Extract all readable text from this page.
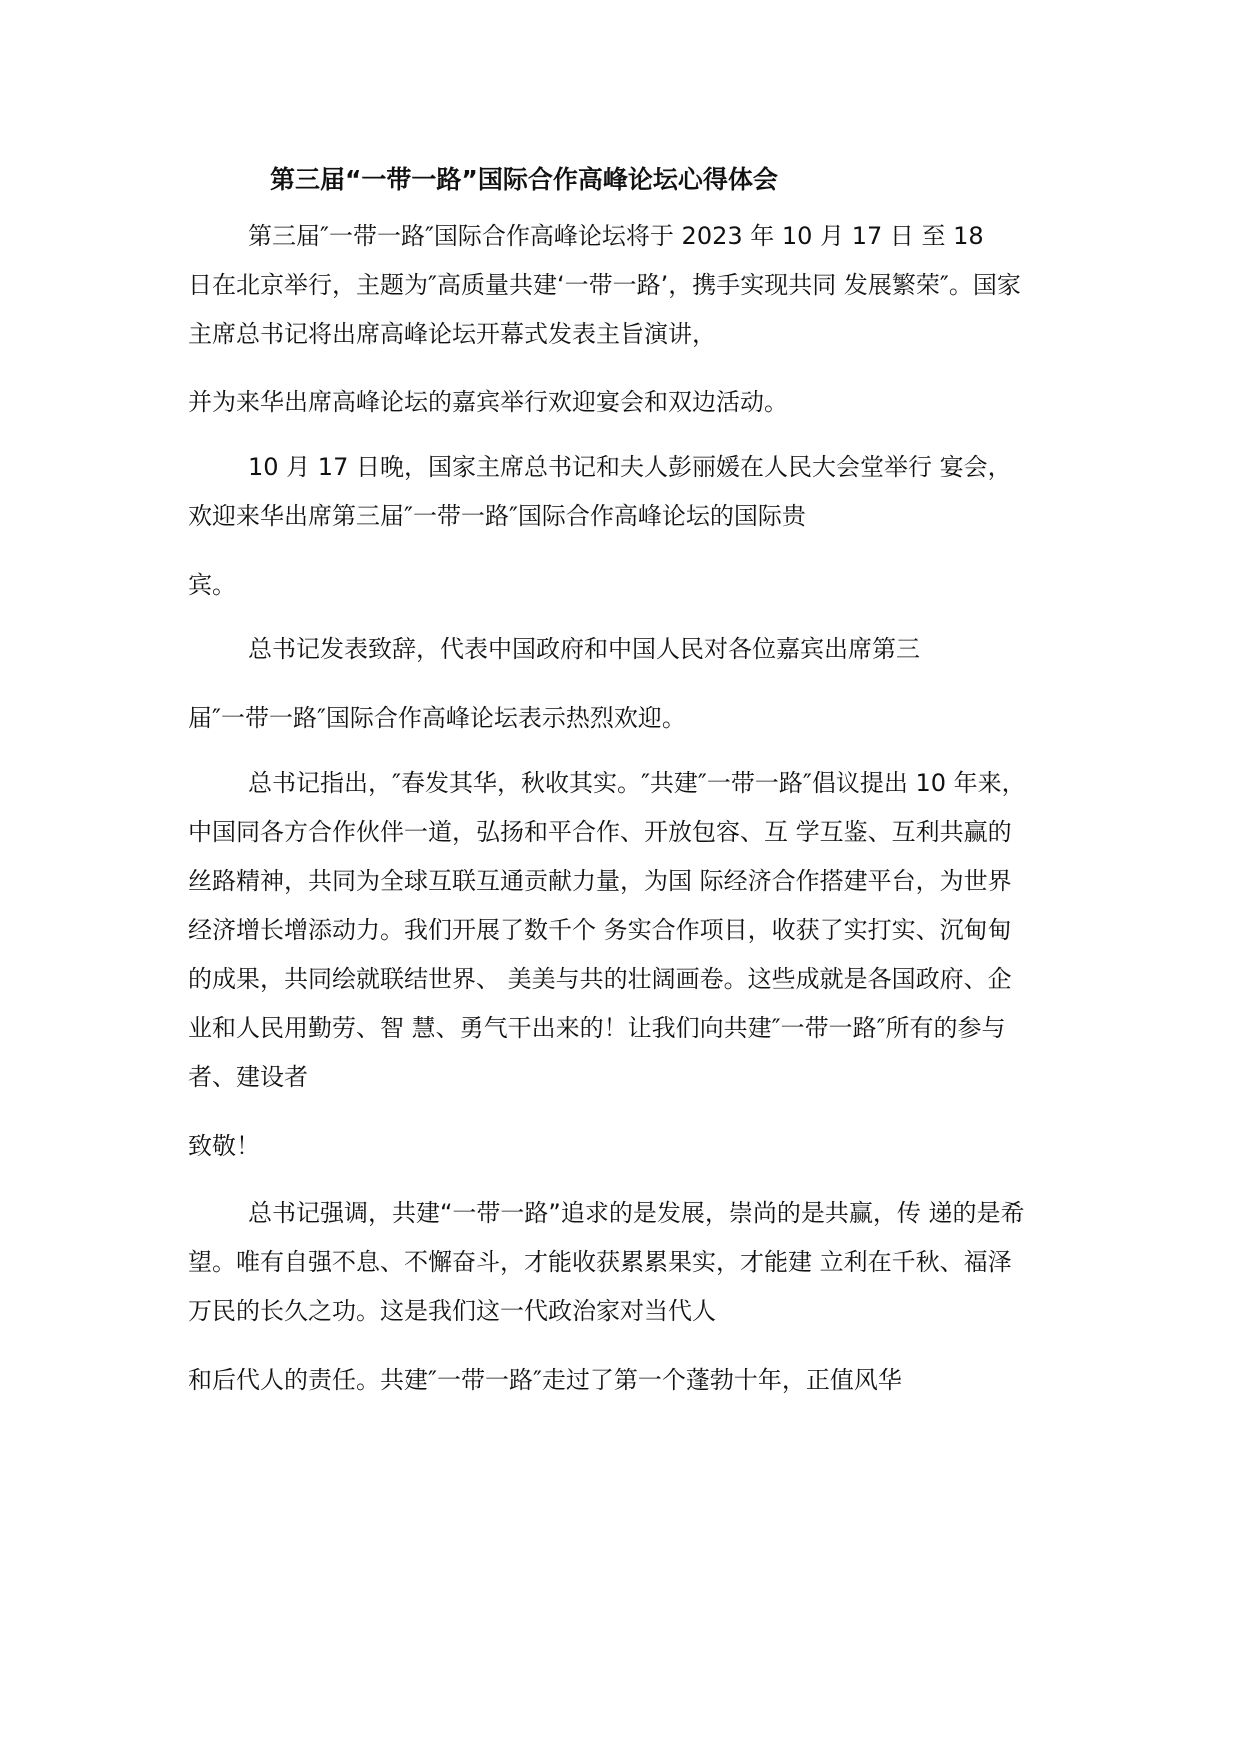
第三届“一带一路”国际合作高峰论坛心得体会
第三届″一带一路″国际合作高峰论坛将于 2023 年 10 月 17 日 至 18
日在北京举行，主题为″高质量共建‘一带一路’，携手实现共同 发展繁荣″。国家
主席总书记将出席高峰论坛开幕式发表主旨演讲，
并为来华出席高峰论坛的嘉宾举行欢迎宴会和双边活动。
10 月 17 日晚，国家主席总书记和夫人彭丽媛在人民大会堂举行 宴会，
欢迎来华出席第三届″一带一路″国际合作高峰论坛的国际贵
宾。
总书记发表致辞，代表中国政府和中国人民对各位嘉宾出席第三
届″一带一路″国际合作高峰论坛表示热烈欢迎。
总书记指出，″春发其华，秋收其实。″共建″一带一路″倡议提出 10 年来，
中国同各方合作伙伴一道，弘扬和平合作、开放包容、互 学互鉴、互利共赢的
丝路精神，共同为全球互联互通贡献力量，为国 际经济合作搭建平台，为世界
经济增长增添动力。我们开展了数千个 务实合作项目，收获了实打实、沉甸甸
的成果，共同绘就联结世界、 美美与共的壮阔画卷。这些成就是各国政府、企
业和人民用勤劳、智 慧、勇气干出来的！让我们向共建″一带一路″所有的参与
者、建设者
致敬！
总书记强调，共建“一带一路”追求的是发展，崇尚的是共赢，传 递的是希
望。唯有自强不息、不懈奋斗，才能收获累累果实，才能建 立利在千秋、福泽
万民的长久之功。这是我们这一代政治家对当代人
和后代人的责任。共建″一带一路″走过了第一个蓬勃十年，正值风华
